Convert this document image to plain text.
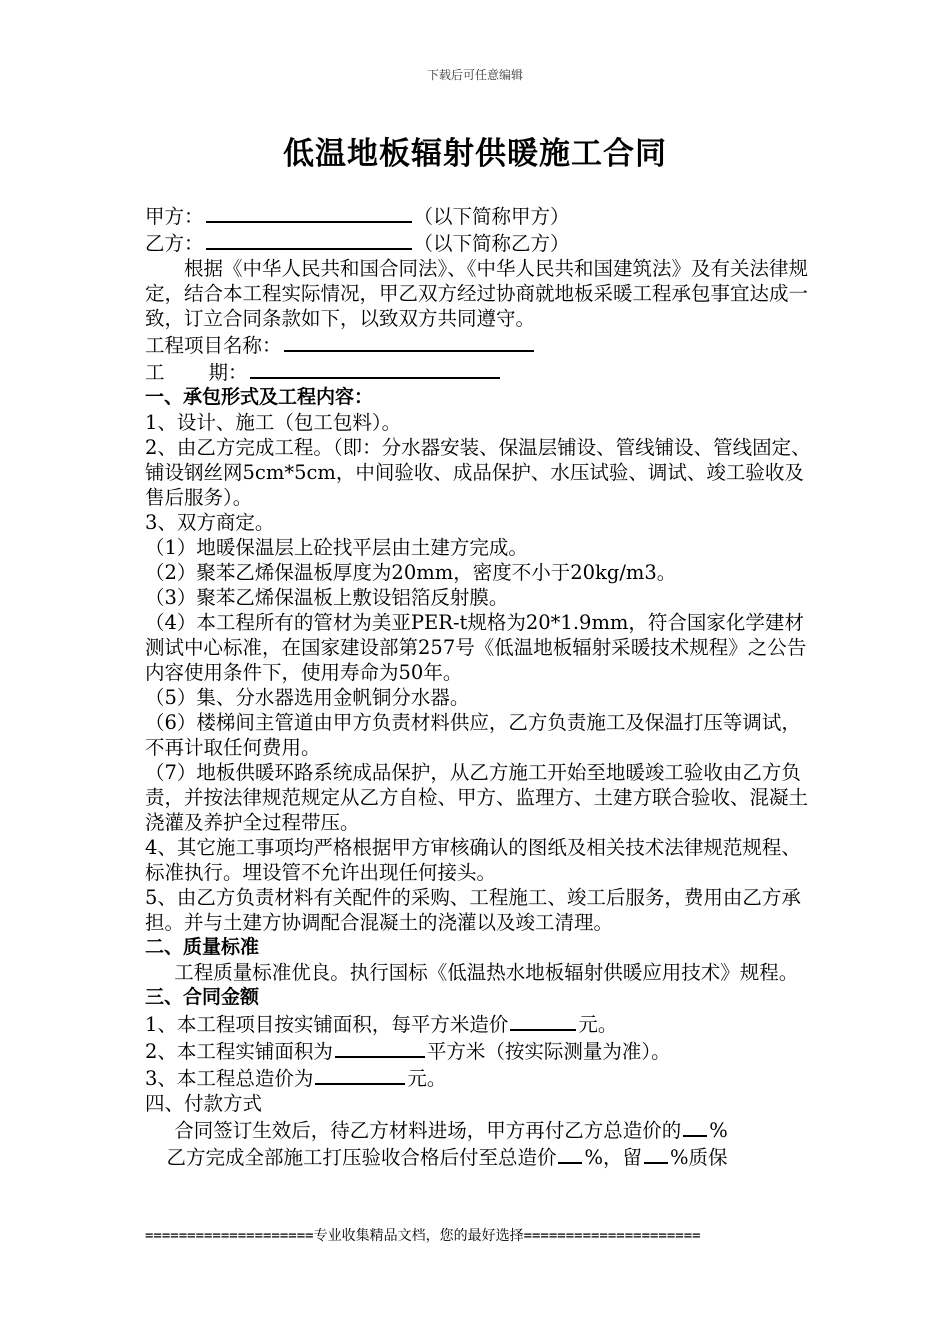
下载后可任意编辑
低温地板辐射供暖施工合同

甲方：	（以下简称甲方）

乙方：	（以下简称乙方）

根据《中华人民共和国合同法》、《中华人民共和国建筑法》及有关法律规定，结合本工程实际情况，甲乙双方经过协商就地板采暖工程承包事宜达成一致，订立合同条款如下，以致双方共同遵守。

工程项目名称：

工 期：

一、承包形式及工程内容：

1、设计、施工（包工包料）。

2、由乙方完成工程。（即：分水器安装、保温层铺设、管线铺设、管线固定、铺设钢丝网5cm*5cm，中间验收、成品保护、水压试验、调试、竣工验收及售后服务）。

3、双方商定。

（1）地暖保温层上砼找平层由土建方完成。

（2）聚苯乙烯保温板厚度为20mm，密度不小于20kg/m3。

（3）聚苯乙烯保温板上敷设铝箔反射膜。

（4）本工程所有的管材为美亚PER-t规格为20*1.9mm，符合国家化学建材测试中心标准，在国家建设部第257号《低温地板辐射采暖技术规程》之公告内容使用条件下，使用寿命为50年。

（5）集、分水器选用金帆铜分水器。

（6）楼梯间主管道由甲方负责材料供应，乙方负责施工及保温打压等调试，不再计取任何费用。

（7）地板供暖环路系统成品保护，从乙方施工开始至地暖竣工验收由乙方负责，并按法律规范规定从乙方自检、甲方、监理方、土建方联合验收、混凝土浇灌及养护全过程带压。

4、其它施工事项均严格根据甲方审核确认的图纸及相关技术法律规范规程、标准执行。埋设管不允许出现任何接头。

5、由乙方负责材料有关配件的采购、工程施工、竣工后服务，费用由乙方承担。并与土建方协调配合混凝土的浇灌以及竣工清理。

二、质量标准

工程质量标准优良。执行国标《低温热水地板辐射供暖应用技术》规程。

三、合同金额

1、本工程项目按实铺面积，每平方米造价	元。

2、本工程实铺面积为	平方米（按实际测量为准）。

3、本工程总造价为	元。

四、付款方式

合同签订生效后，待乙方材料进场，甲方再付乙方总造价的 %

乙方完成全部施工打压验收合格后付至总造价 %，留 %质保

====================专业收集精品文档，您的最好选择=====================
